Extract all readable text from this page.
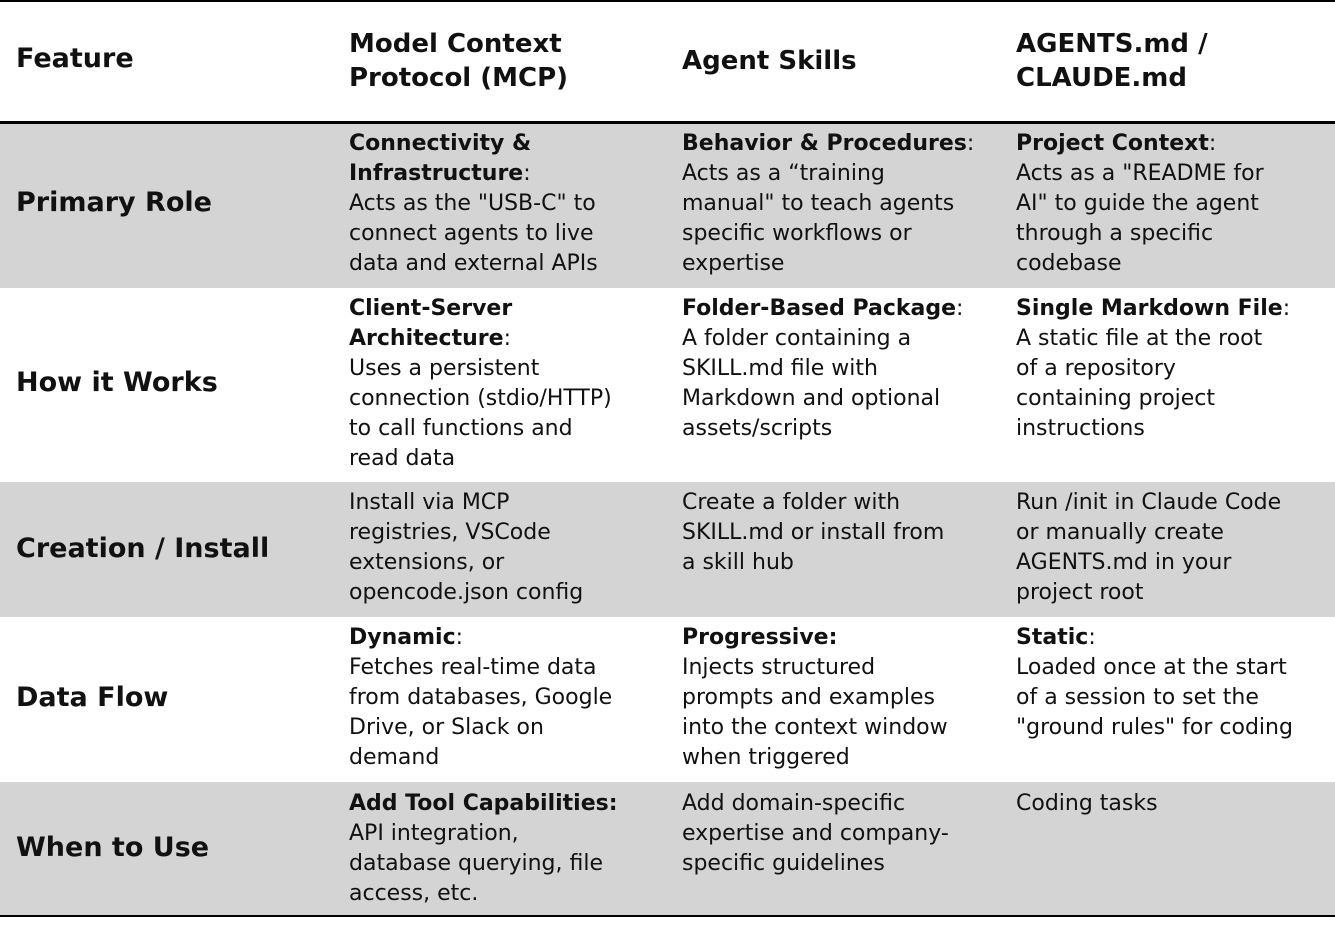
Feature	Model Context
Protocol (MCP)
Agent Skills
AGENTS.md /
CLAUDE.md
Primary Role
Connectivity &
Infrastructure:
Acts as the "USB-C" to
connect agents to live
data and external APIs
Behavior & Procedures:
Acts as a “training
manual" to teach agents
specific workflows or
expertise
Project Context:
Acts as a "README for
AI" to guide the agent
through a specific
codebase
How it Works
Client-Server
Architecture:
Uses a persistent
connection (stdio/HTTP)
to call functions and
read data
Folder-Based Package:
A folder containing a
SKILL.md file with
Markdown and optional
assets/scripts
Single Markdown File:
A static file at the root
of a repository
containing project
instructions
Creation / Install
Install via MCP
registries, VSCode
extensions, or
opencode.json config
Create a folder with
SKILL.md or install from
a skill hub
Run /init in Claude Code
or manually create
AGENTS.md in your
project root
Data Flow
Dynamic:
Fetches real-time data
from databases, Google
Drive, or Slack on
demand
Progressive:
Injects structured
prompts and examples
into the context window
when triggered
Static:
Loaded once at the start
of a session to set the
"ground rules" for coding
When to Use
Add Tool Capabilities:
API integration,
database querying, file
access, etc.
Add domain-specific
expertise and company-
specific guidelines
Coding tasks
